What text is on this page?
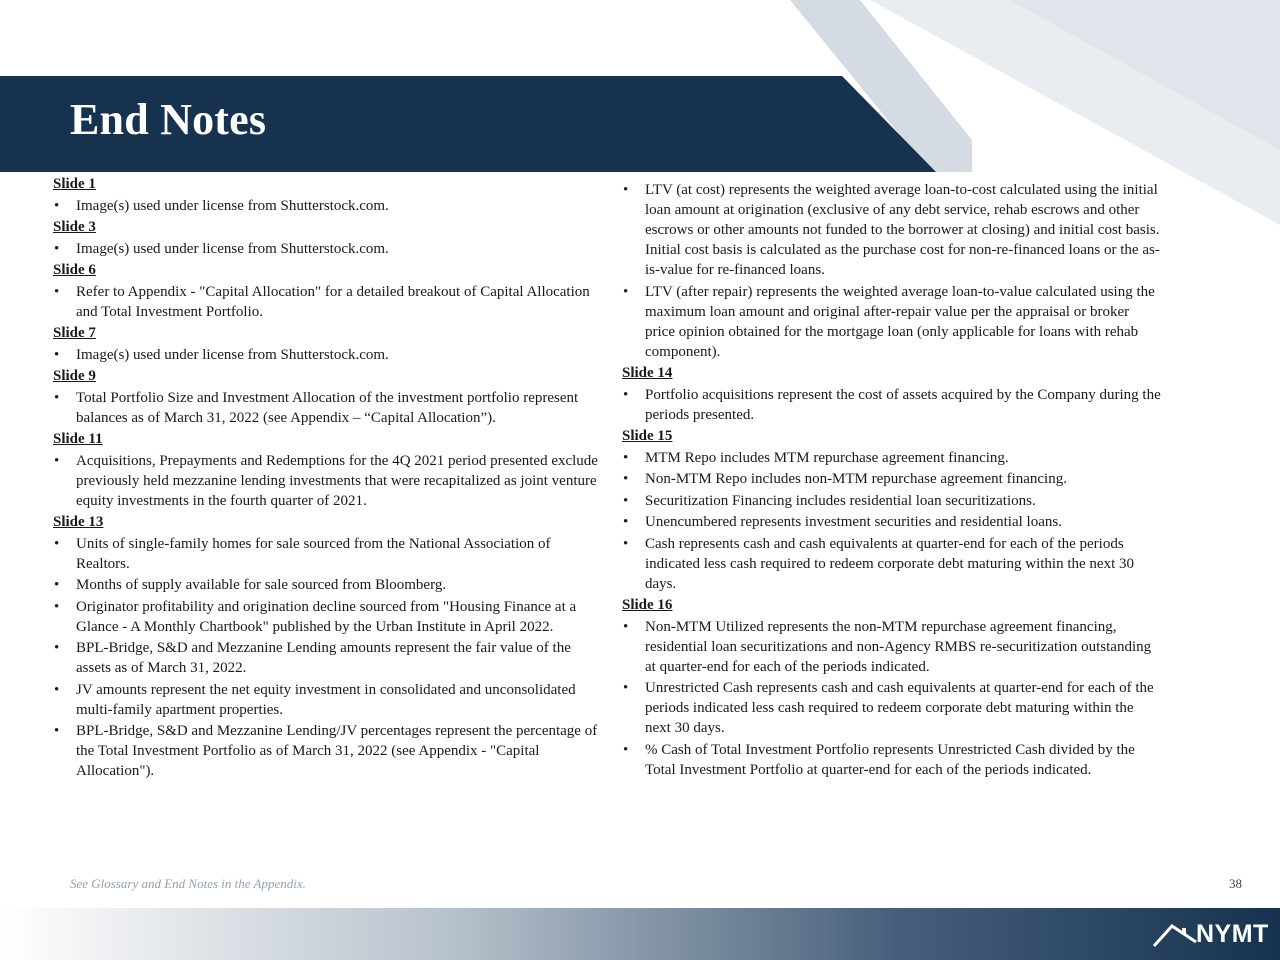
End Notes
Slide 1
• Image(s) used under license from Shutterstock.com.
Slide 3
• Image(s) used under license from Shutterstock.com.
Slide 6
• Refer to Appendix - "Capital Allocation" for a detailed breakout of Capital Allocation and Total Investment Portfolio.
Slide 7
• Image(s) used under license from Shutterstock.com.
Slide 9
• Total Portfolio Size and Investment Allocation of the investment portfolio represent balances as of March 31, 2022 (see Appendix – “Capital Allocation”).
Slide 11
• Acquisitions, Prepayments and Redemptions for the 4Q 2021 period presented exclude previously held mezzanine lending investments that were recapitalized as joint venture equity investments in the fourth quarter of 2021.
Slide 13
• Units of single-family homes for sale sourced from the National Association of Realtors.
• Months of supply available for sale sourced from Bloomberg.
• Originator profitability and origination decline sourced from "Housing Finance at a Glance - A Monthly Chartbook" published by the Urban Institute in April 2022.
• BPL-Bridge, S&D and Mezzanine Lending amounts represent the fair value of the assets as of March 31, 2022.
• JV amounts represent the net equity investment in consolidated and unconsolidated multi-family apartment properties.
• BPL-Bridge, S&D and Mezzanine Lending/JV percentages represent the percentage of the Total Investment Portfolio as of March 31, 2022 (see Appendix - "Capital Allocation").
• LTV (at cost) represents the weighted average loan-to-cost calculated using the initial loan amount at origination (exclusive of any debt service, rehab escrows and other escrows or other amounts not funded to the borrower at closing) and initial cost basis. Initial cost basis is calculated as the purchase cost for non-re-financed loans or the as-is-value for re-financed loans.
• LTV (after repair) represents the weighted average loan-to-value calculated using the maximum loan amount and original after-repair value per the appraisal or broker price opinion obtained for the mortgage loan (only applicable for loans with rehab component).
Slide 14
• Portfolio acquisitions represent the cost of assets acquired by the Company during the periods presented.
Slide 15
• MTM Repo includes MTM repurchase agreement financing.
• Non-MTM Repo includes non-MTM repurchase agreement financing.
• Securitization Financing includes residential loan securitizations.
• Unencumbered represents investment securities and residential loans.
• Cash represents cash and cash equivalents at quarter-end for each of the periods indicated less cash required to redeem corporate debt maturing within the next 30 days.
Slide 16
• Non-MTM Utilized represents the non-MTM repurchase agreement financing, residential loan securitizations and non-Agency RMBS re-securitization outstanding at quarter-end for each of the periods indicated.
• Unrestricted Cash represents cash and cash equivalents at quarter-end for each of the periods indicated less cash required to redeem corporate debt maturing within the next 30 days.
• % Cash of Total Investment Portfolio represents Unrestricted Cash divided by the Total Investment Portfolio at quarter-end for each of the periods indicated.
See Glossary and End Notes in the Appendix.	38
NYMT
